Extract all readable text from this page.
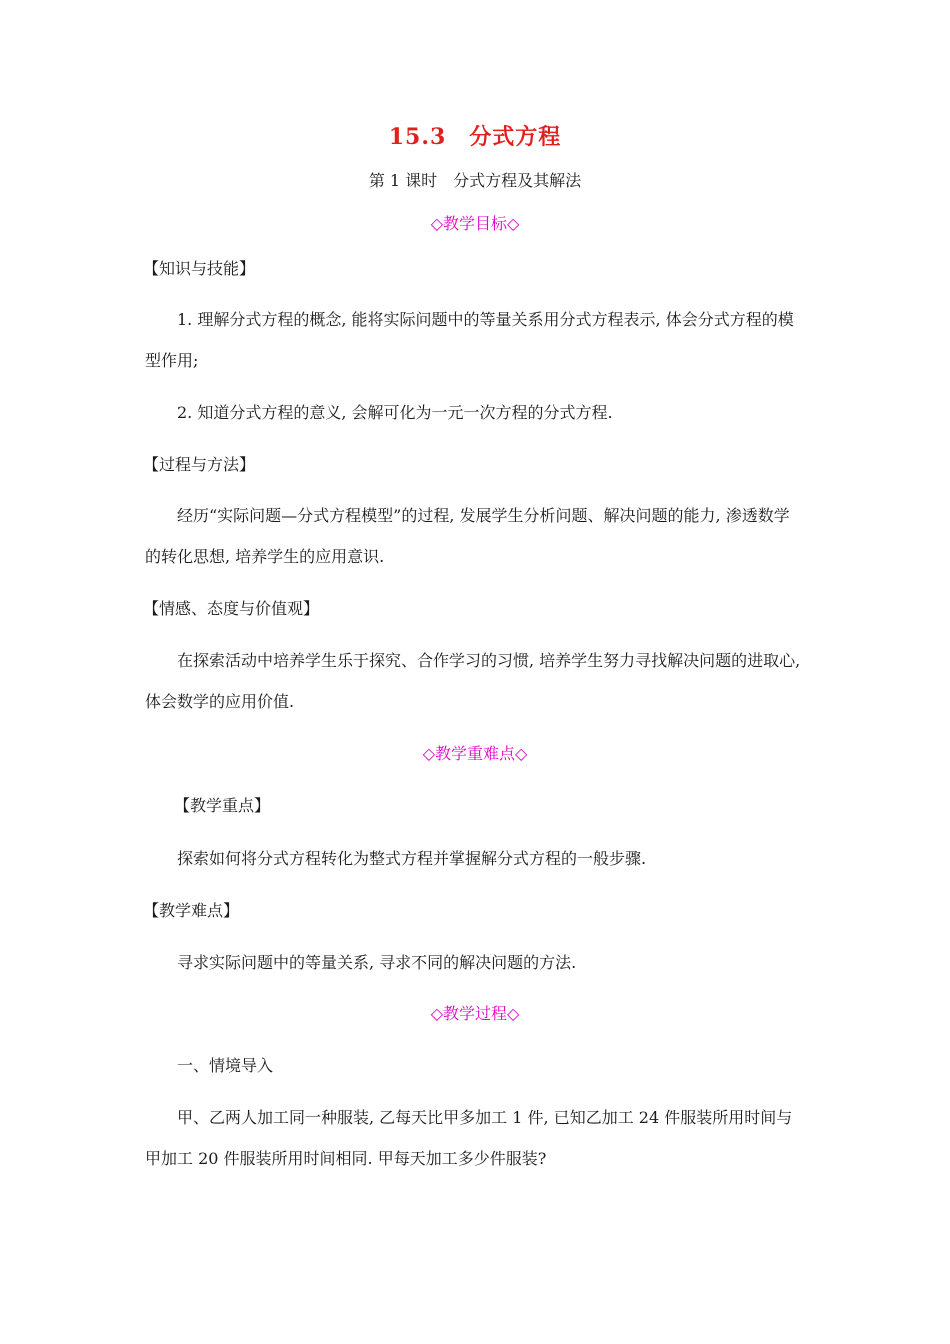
15.3　分式方程
第 1 课时　分式方程及其解法
◇教学目标◇
【知识与技能】

1. 理解分式方程的概念, 能将实际问题中的等量关系用分式方程表示, 体会分式方程的模型作用;

2. 知道分式方程的意义, 会解可化为一元一次方程的分式方程.

【过程与方法】

经历“实际问题—分式方程模型”的过程, 发展学生分析问题、解决问题的能力, 渗透数学的转化思想, 培养学生的应用意识.

【情感、态度与价值观】

在探索活动中培养学生乐于探究、合作学习的习惯, 培养学生努力寻找解决问题的进取心, 体会数学的应用价值.

◇教学重难点◇
【教学重点】
探索如何将分式方程转化为整式方程并掌握解分式方程的一般步骤.
【教学难点】
寻求实际问题中的等量关系, 寻求不同的解决问题的方法.
◇教学过程◇
一、情境导入

甲、乙两人加工同一种服装, 乙每天比甲多加工 1 件, 已知乙加工 24 件服装所用时间与甲加工 20 件服装所用时间相同. 甲每天加工多少件服装?
